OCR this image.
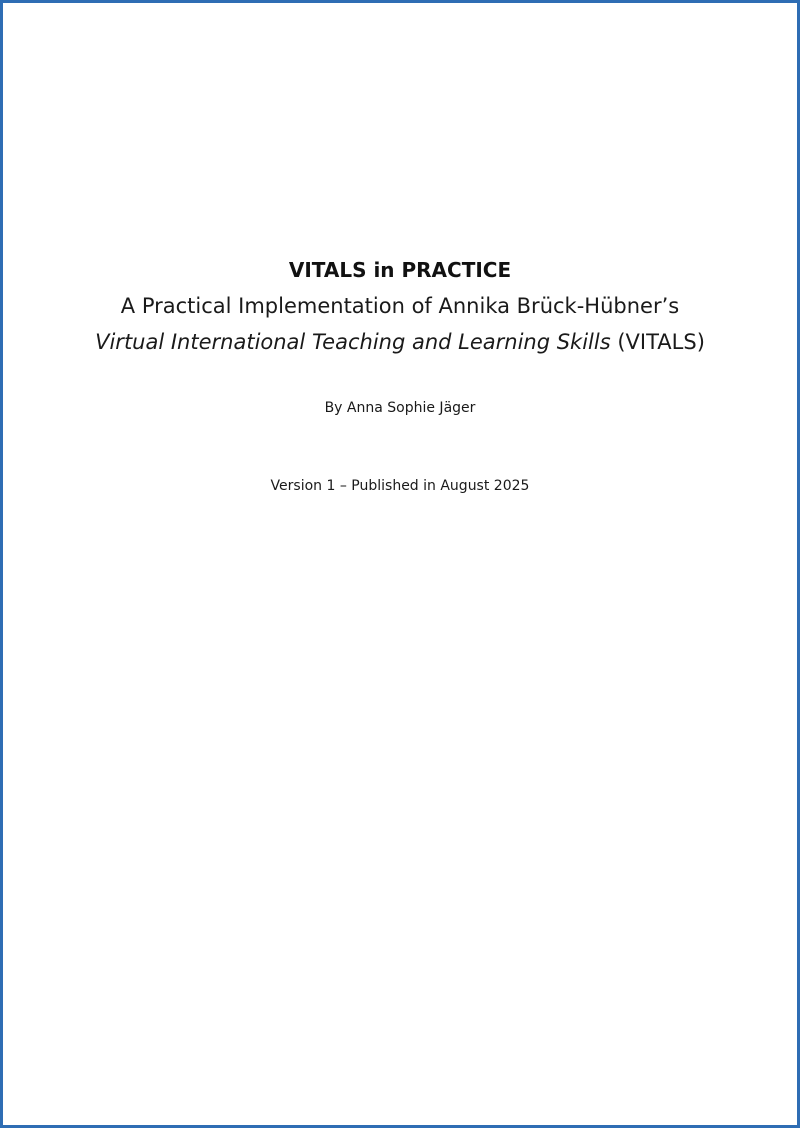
VITALS in PRACTICE
A Practical Implementation of Annika Brück-Hübner’s
Virtual International Teaching and Learning Skills (VITALS)
By Anna Sophie Jäger
Version 1 – Published in August 2025
